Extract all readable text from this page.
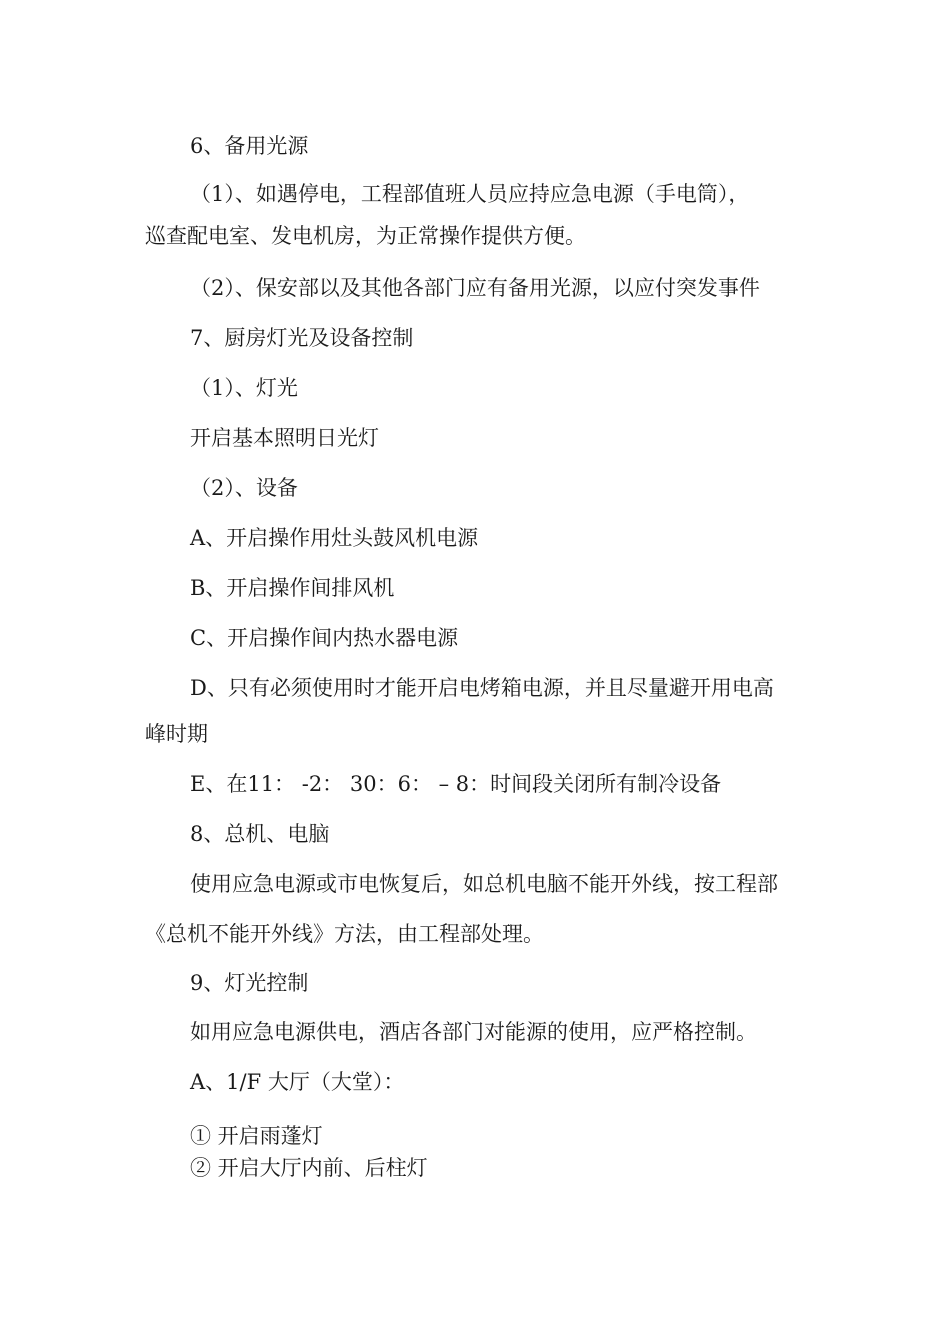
6、备用光源
（1）、如遇停电，工程部值班人员应持应急电源（手电筒），
巡查配电室、发电机房，为正常操作提供方便。
（2）、保安部以及其他各部门应有备用光源，以应付突发事件
7、厨房灯光及设备控制
（1）、灯光
开启基本照明日光灯
（2）、设备
A、开启操作用灶头鼓风机电源
B、开启操作间排风机
C、开启操作间内热水器电源
D、只有必须使用时才能开启电烤箱电源，并且尽量避开用电高
峰时期
E、在11： -2： 30：6： – 8：时间段关闭所有制冷设备
8、总机、电脑
使用应急电源或市电恢复后，如总机电脑不能开外线，按工程部
《总机不能开外线》方法，由工程部处理。
9、灯光控制
如用应急电源供电，酒店各部门对能源的使用，应严格控制。
A、1/F 大厅（大堂）：
① 开启雨蓬灯
② 开启大厅内前、后柱灯
